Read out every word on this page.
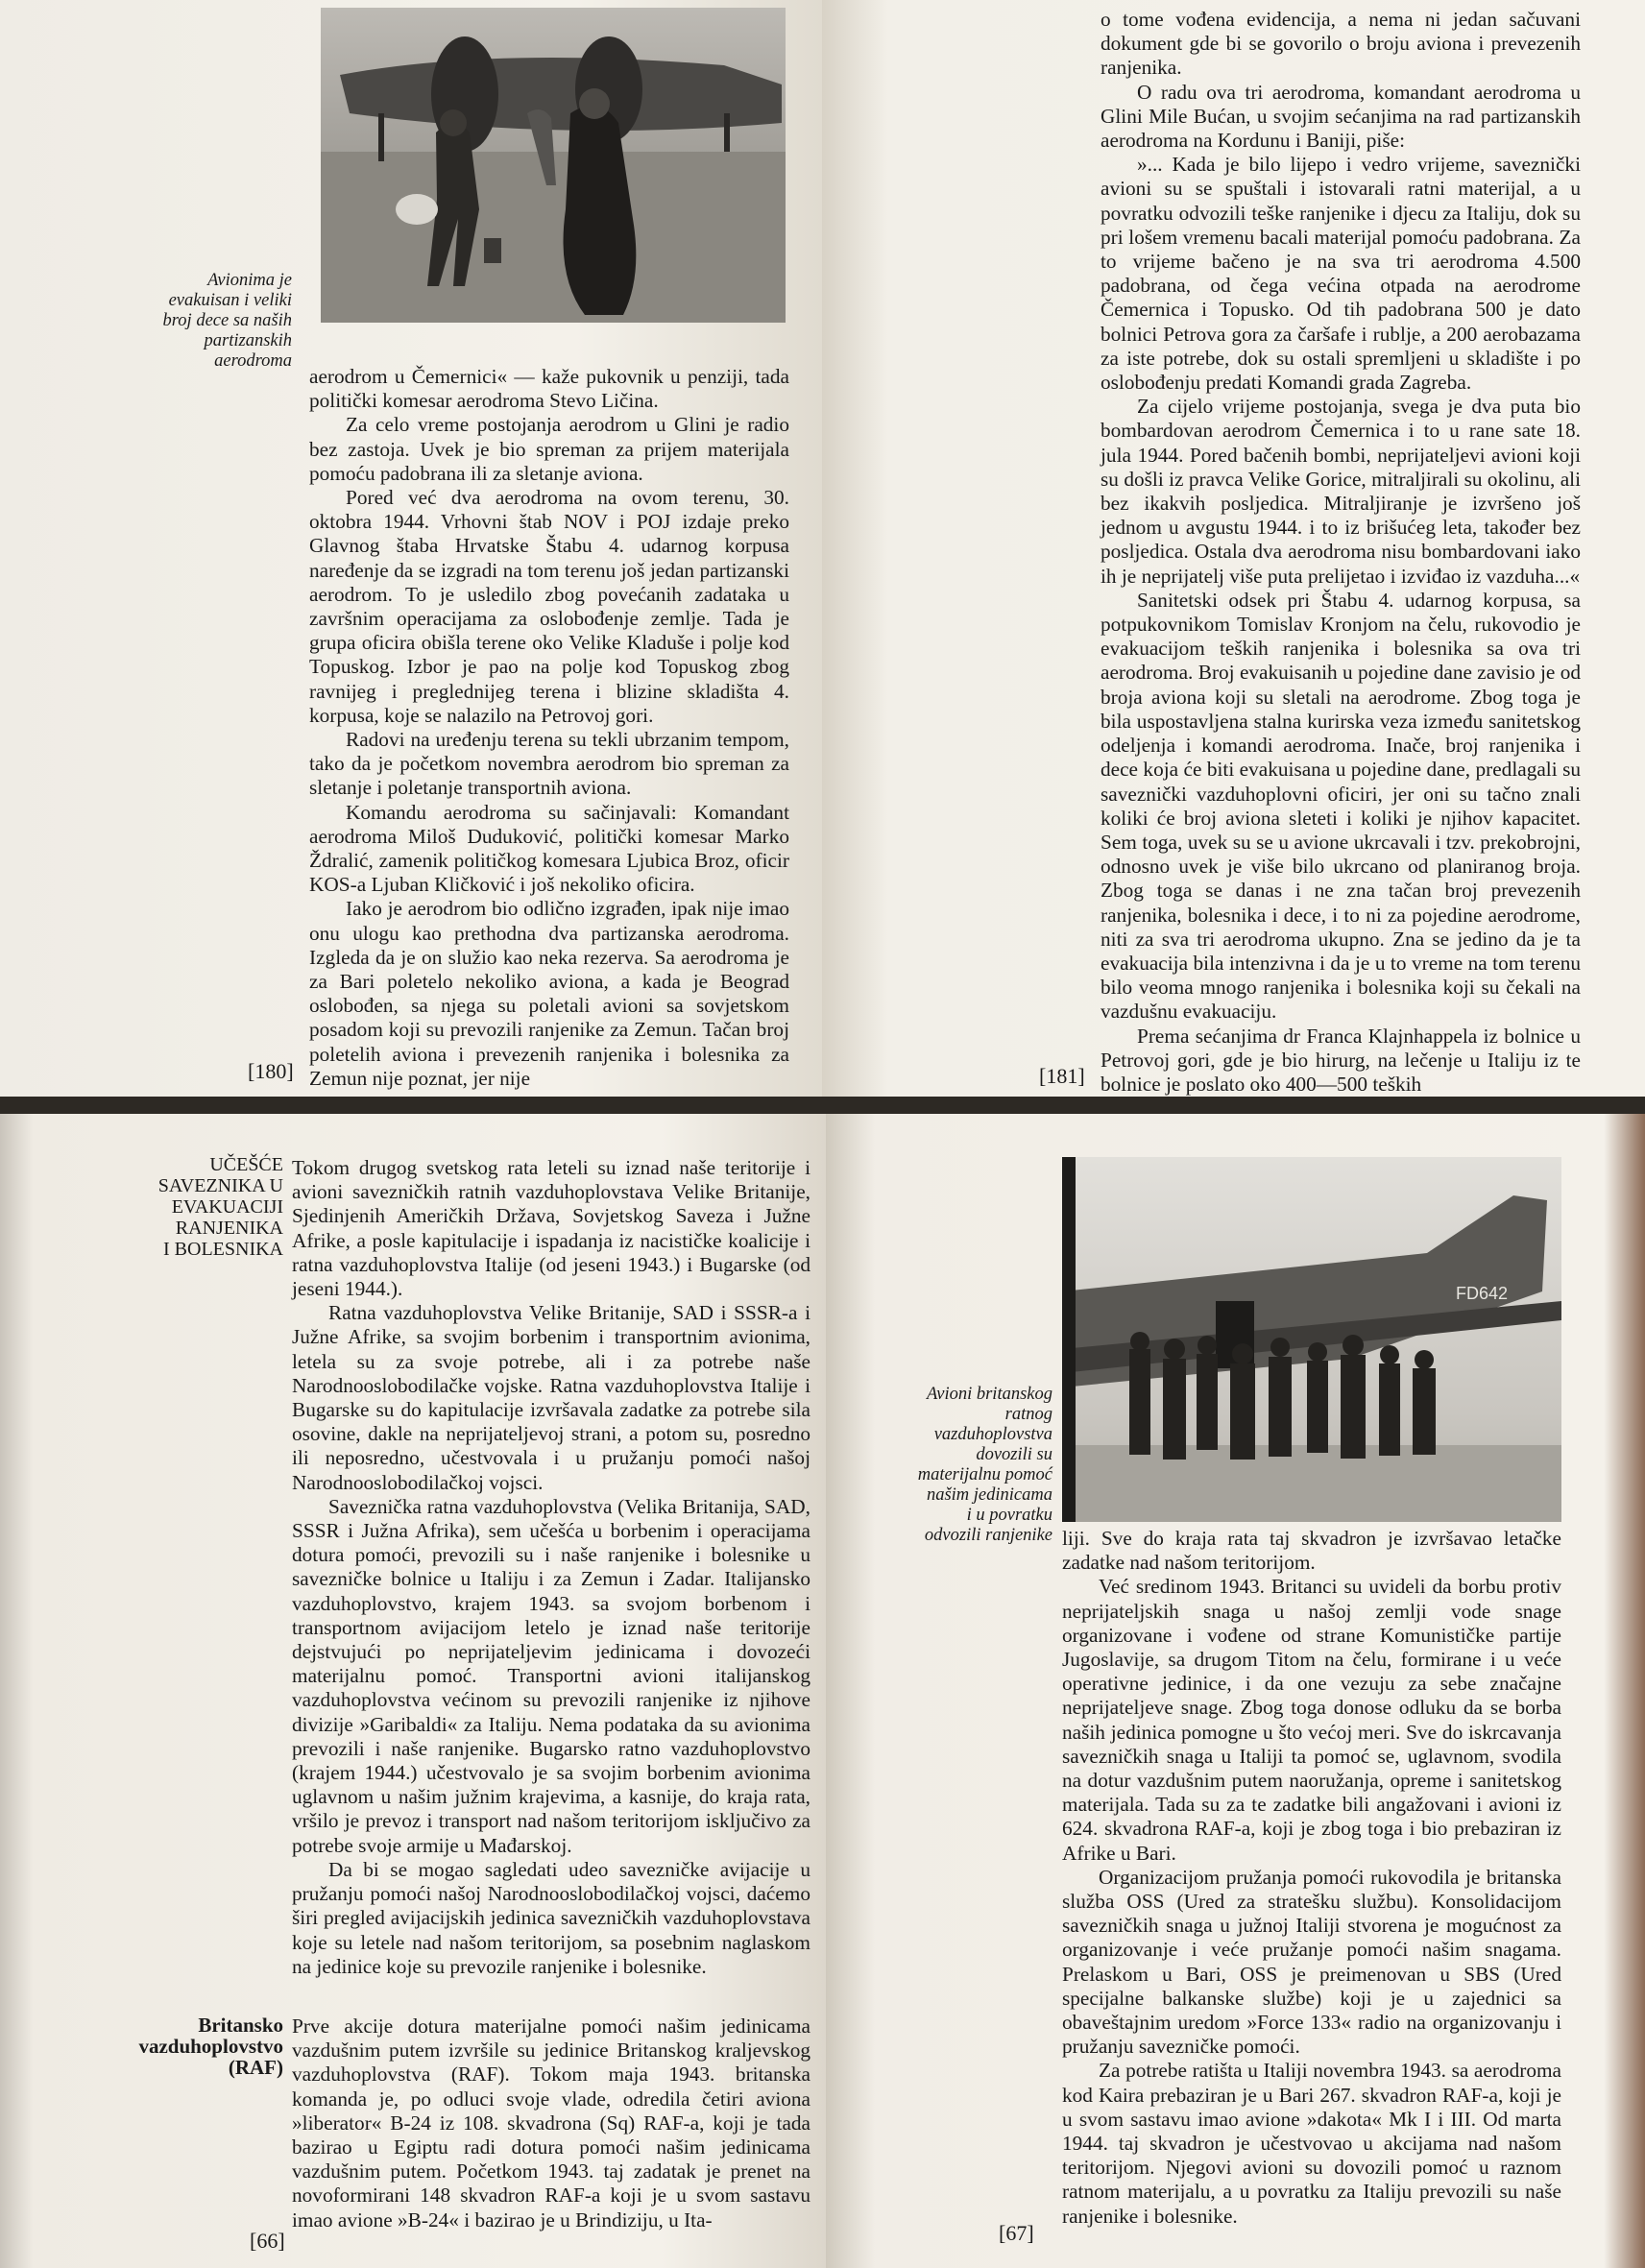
Avionima je
evakuisan i veliki
broj dece sa naših
partizanskih
aerodroma

aerodrom u Čemernici« — kaže pukovnik u penziji, tada politički komesar aerodroma Stevo Ličina.

Za celo vreme postojanja aerodrom u Glini je radio bez zastoja. Uvek je bio spreman za prijem materijala pomoću padobrana ili za sletanje aviona.

Pored već dva aerodroma na ovom terenu, 30. oktobra 1944. Vrhovni štab NOV i POJ izdaje preko Glavnog štaba Hrvatske Štabu 4. udarnog korpusa naređenje da se izgradi na tom terenu još jedan partizanski aerodrom. To je usledilo zbog povećanih zadataka u završnim operacijama za oslobođenje zemlje. Tada je grupa oficira obišla terene oko Velike Kladuše i polje kod Topuskog. Izbor je pao na polje kod Topuskog zbog ravnijeg i preglednijeg terena i blizine skladišta 4. korpusa, koje se nalazilo na Petrovoj gori.

Radovi na uređenju terena su tekli ubrzanim tempom, tako da je početkom novembra aerodrom bio spreman za sletanje i poletanje transportnih aviona.

Komandu aerodroma su sačinjavali: Komandant aerodroma Miloš Duduković, politički komesar Marko Ždralić, zamenik političkog komesara Ljubica Broz, oficir KOS-a Ljuban Kličković i još nekoliko oficira.

Iako je aerodrom bio odlično izgrađen, ipak nije imao onu ulogu kao prethodna dva partizanska aerodroma. Izgleda da je on služio kao neka rezerva. Sa aerodroma je za Bari poletelo nekoliko aviona, a kada je Beograd oslobođen, sa njega su poletali avioni sa sovjetskom posadom koji su prevozili ranjenike za Zemun. Tačan broj poletelih aviona i prevezenih ranjenika i bolesnika za Zemun nije poznat, jer nije

[180]

o tome vođena evidencija, a nema ni jedan sačuvani dokument gde bi se govorilo o broju aviona i prevezenih ranjenika.

O radu ova tri aerodroma, komandant aerodroma u Glini Mile Bućan, u svojim sećanjima na rad partizanskih aerodroma na Kordunu i Baniji, piše:

»... Kada je bilo lijepo i vedro vrijeme, saveznički avioni su se spuštali i istovarali ratni materijal, a u povratku odvozili teške ranjenike i djecu za Italiju, dok su pri lošem vremenu bacali materijal pomoću padobrana. Za to vrijeme bačeno je na sva tri aerodroma 4.500 padobrana, od čega većina otpada na aerodrome Čemernica i Topusko. Od tih padobrana 500 je dato bolnici Petrova gora za čaršafe i rublje, a 200 aerobazama za iste potrebe, dok su ostali spremljeni u skladište i po oslobođenju predati Komandi grada Zagreba.

Za cijelo vrijeme postojanja, svega je dva puta bio bombardovan aerodrom Čemernica i to u rane sate 18. jula 1944. Pored bačenih bombi, neprijateljevi avioni koji su došli iz pravca Velike Gorice, mitraljirali su okolinu, ali bez ikakvih posljedica. Mitraljiranje je izvršeno još jednom u avgustu 1944. i to iz brišućeg leta, također bez posljedica. Ostala dva aerodroma nisu bombardovani iako ih je neprijatelj više puta prelijetao i izviđao iz vazduha...«

Sanitetski odsek pri Štabu 4. udarnog korpusa, sa potpukovnikom Tomislav Kronjom na čelu, rukovodio je evakuacijom teških ranjenika i bolesnika sa ova tri aerodroma. Broj evakuisanih u pojedine dane zavisio je od broja aviona koji su sletali na aerodrome. Zbog toga je bila uspostavljena stalna kurirska veza između sanitetskog odeljenja i komandi aerodroma. Inače, broj ranjenika i dece koja će biti evakuisana u pojedine dane, predlagali su saveznički vazduhoplovni oficiri, jer oni su tačno znali koliki će broj aviona sleteti i koliki je njihov kapacitet. Sem toga, uvek su se u avione ukrcavali i tzv. prekobrojni, odnosno uvek je više bilo ukrcano od planiranog broja. Zbog toga se danas i ne zna tačan broj prevezenih ranjenika, bolesnika i dece, i to ni za pojedine aerodrome, niti za sva tri aerodroma ukupno. Zna se jedino da je ta evakuacija bila intenzivna i da je u to vreme na tom terenu bilo veoma mnogo ranjenika i bolesnika koji su čekali na vazdušnu evakuaciju.

Prema sećanjima dr Franca Klajnhappela iz bolnice u Petrovoj gori, gde je bio hirurg, na lečenje u Italiju iz te bolnice je poslato oko 400—500 teških

[181]
UČEŠĆE
SAVEZNIKA U
EVAKUACIJI
RANJENIKA
I BOLESNIKA

Tokom drugog svetskog rata leteli su iznad naše teritorije i avioni savezničkih ratnih vazduhoplovstava Velike Britanije, Sjedinjenih Američkih Država, Sovjetskog Saveza i Južne Afrike, a posle kapitulacije i ispadanja iz nacističke koalicije i ratna vazduhoplovstva Italije (od jeseni 1943.) i Bugarske (od jeseni 1944.).

Ratna vazduhoplovstva Velike Britanije, SAD i SSSR-a i Južne Afrike, sa svojim borbenim i transportnim avionima, letela su za svoje potrebe, ali i za potrebe naše Narodnooslobodilačke vojske. Ratna vazduhoplovstva Italije i Bugarske su do kapitulacije izvršavala zadatke za potrebe sila osovine, dakle na neprijateljevoj strani, a potom su, posredno ili neposredno, učestvovala i u pružanju pomoći našoj Narodnooslobodilačkoj vojsci.

Saveznička ratna vazduhoplovstva (Velika Britanija, SAD, SSSR i Južna Afrika), sem učešća u borbenim i operacijama dotura pomoći, prevozili su i naše ranjenike i bolesnike u savezničke bolnice u Italiju i za Zemun i Zadar. Italijansko vazduhoplovstvo, krajem 1943. sa svojom borbenom i transportnom avijacijom letelo je iznad naše teritorije dejstvujući po neprijateljevim jedinicama i dovozeći materijalnu pomoć. Transportni avioni italijanskog vazduhoplovstva većinom su prevozili ranjenike iz njihove divizije »Garibaldi« za Italiju. Nema podataka da su avionima prevozili i naše ranjenike. Bugarsko ratno vazduhoplovstvo (krajem 1944.) učestvovalo je sa svojim borbenim avionima uglavnom u našim južnim krajevima, a kasnije, do kraja rata, vršilo je prevoz i transport nad našom teritorijom isključivo za potrebe svoje armije u Mađarskoj.

Da bi se mogao sagledati udeo savezničke avijacije u pružanju pomoći našoj Narodnooslobodilačkoj vojsci, daćemo širi pregled avijacijskih jedinica savezničkih vazduhoplovstava koje su letele nad našom teritorijom, sa posebnim naglaskom na jedinice koje su prevozile ranjenike i bolesnike.

Britansko
vazduhoplovstvo
(RAF)

Prve akcije dotura materijalne pomoći našim jedinicama vazdušnim putem izvršile su jedinice Britanskog kraljevskog vazduhoplovstva (RAF). Tokom maja 1943. britanska komanda je, po odluci svoje vlade, odredila četiri aviona »liberator« B-24 iz 108. skvadrona (Sq) RAF-a, koji je tada bazirao u Egiptu radi dotura pomoći našim jedinicama vazdušnim putem. Početkom 1943. taj zadatak je prenet na novoformirani 148 skvadron RAF-a koji je u svom sastavu imao avione »B-24« i bazirao je u Brindiziju, u Ita-

[66]
FD642
Avioni britanskog
ratnog
vazduhoplovstva
dovozili su
materijalnu pomoć
našim jedinicama
i u povratku
odvozili ranjenike liji. Sve do kraja rata taj skvadron je izvršavao letačke zadatke nad našom teritorijom.

Već sredinom 1943. Britanci su uvideli da borbu protiv neprijateljskih snaga u našoj zemlji vode snage organizovane i vođene od strane Komunističke partije Jugoslavije, sa drugom Titom na čelu, formirane i u veće operativne jedinice, i da one vezuju za sebe značajne neprijateljeve snage. Zbog toga donose odluku da se borba naših jedinica pomogne u što većoj meri. Sve do iskrcavanja savezničkih snaga u Italiji ta pomoć se, uglavnom, svodila na dotur vazdušnim putem naoružanja, opreme i sanitetskog materijala. Tada su za te zadatke bili angažovani i avioni iz 624. skvadrona RAF-a, koji je zbog toga i bio prebaziran iz Afrike u Bari.

Organizacijom pružanja pomoći rukovodila je britanska služba OSS (Ured za stratešku službu). Konsolidacijom savezničkih snaga u južnoj Italiji stvorena je mogućnost za organizovanje i veće pružanje pomoći našim snagama. Prelaskom u Bari, OSS je preimenovan u SBS (Ured specijalne balkanske službe) koji je u zajednici sa obaveštajnim uredom »Force 133« radio na organizovanju i pružanju savezničke pomoći.

Za potrebe ratišta u Italiji novembra 1943. sa aerodroma kod Kaira prebaziran je u Bari 267. skvadron RAF-a, koji je u svom sastavu imao avione »dakota« Mk I i III. Od marta 1944. taj skvadron je učestvovao u akcijama nad našom teritorijom. Njegovi avioni su dovozili pomoć u raznom ratnom materijalu, a u povratku za Italiju prevozili su naše ranjenike i bolesnike.

[67]
